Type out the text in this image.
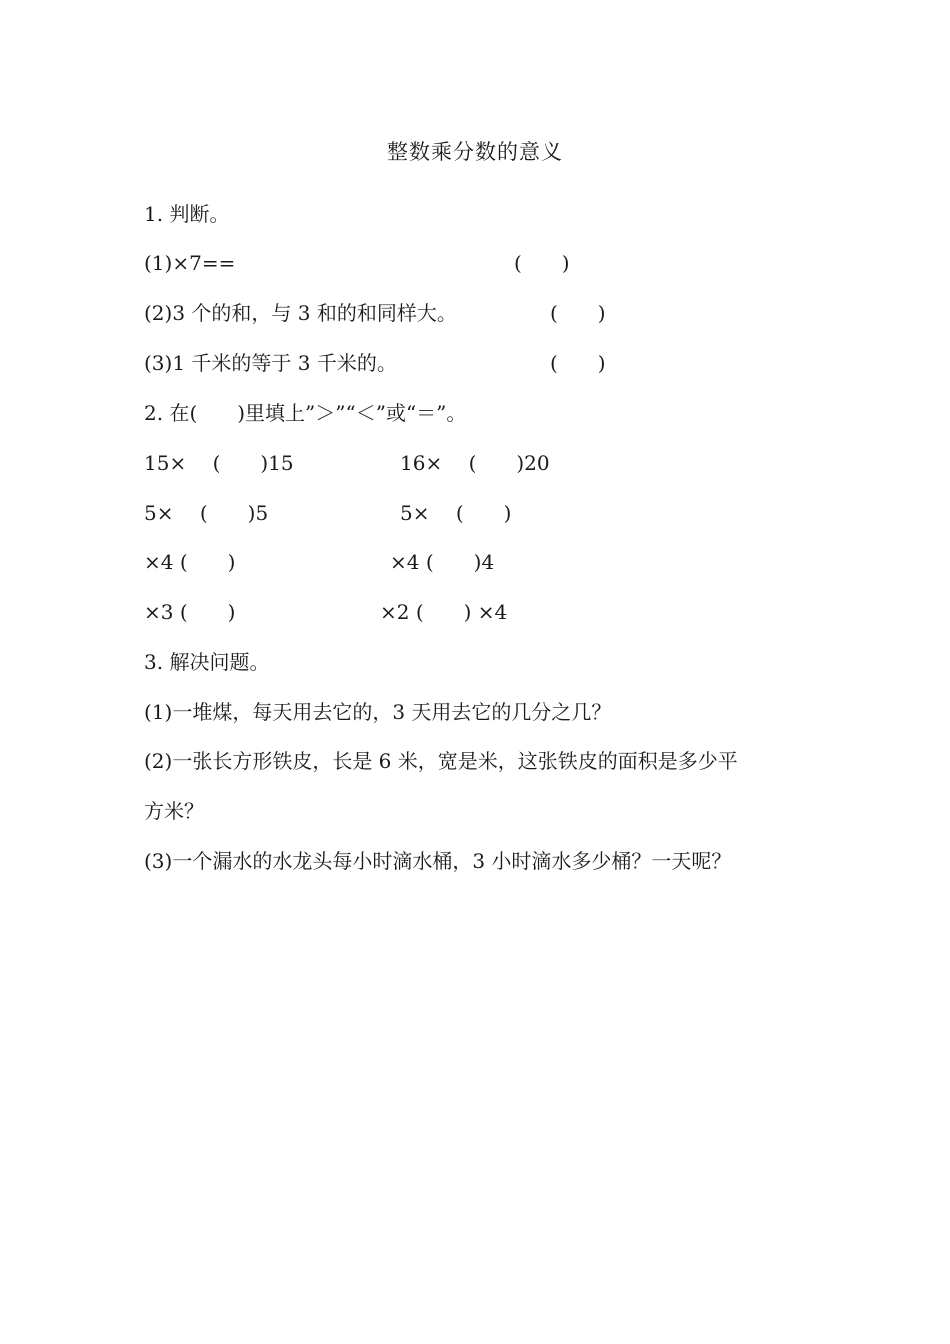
整数乘分数的意义
1. 判断。
(1)×7==	(　　)
(2)3 个的和，与 3 和的和同样大。	(　　)
(3)1 千米的等于 3 千米的。	(　　)
2. 在(　　)里填上”＞”“＜”或“＝”。
15×　 (　　)15	16×　 (　　)20
5×　 (　　)5	5×　 (　　)
×4 (　　)	×4 (　　)4
×3 (　　)	×2 (　　) ×4
3. 解决问题。
(1)一堆煤，每天用去它的，3 天用去它的几分之几？
(2)一张长方形铁皮，长是 6 米，宽是米，这张铁皮的面积是多少平
方米？
(3)一个漏水的水龙头每小时滴水桶，3 小时滴水多少桶？一天呢？
